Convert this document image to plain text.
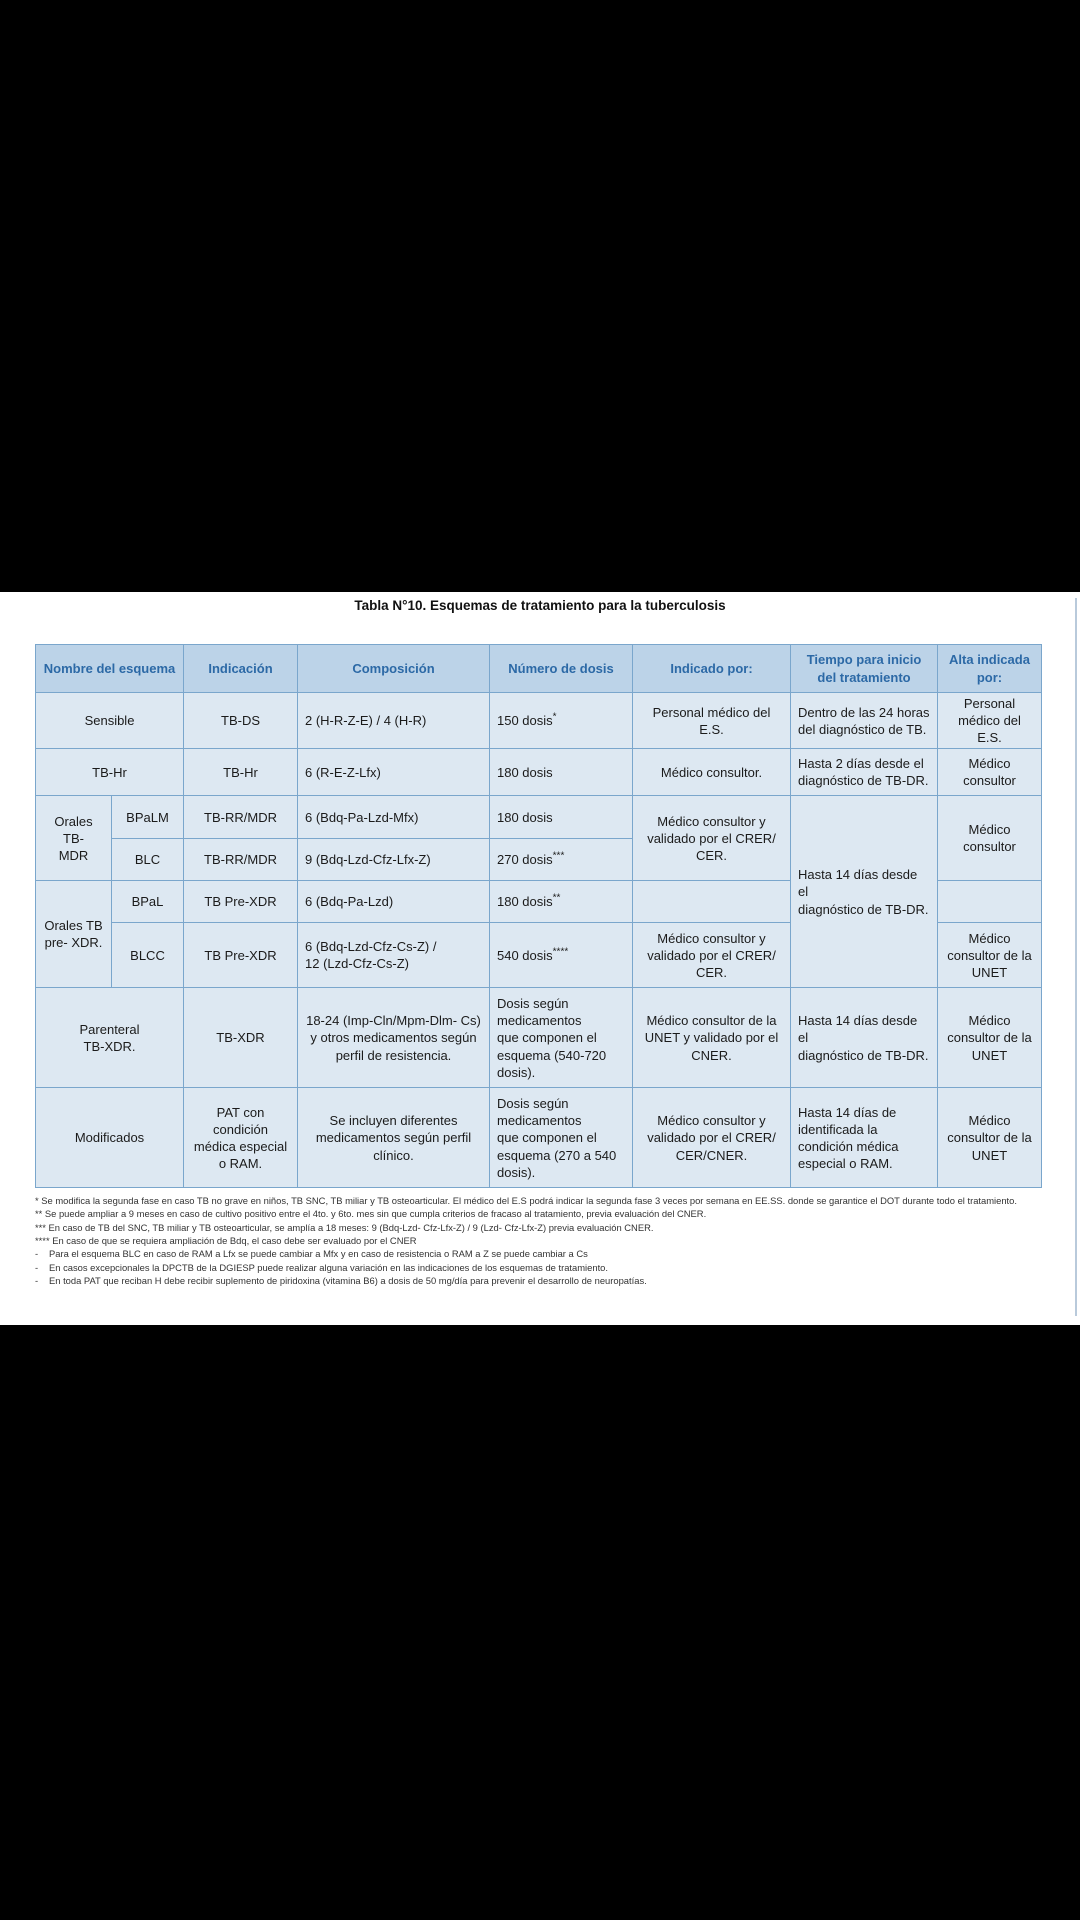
Tabla N°10. Esquemas de tratamiento para la tuberculosis
Nombre del esquema		Indicación	Composición	Número de dosis	Indicado por:	Tiempo para inicio
del tratamiento	Alta indicada
por:
Sensible		TB-DS	2 (H-R-Z-E) / 4 (H-R)	150 dosis*	Personal médico del E.S.	Dentro de las 24 horas
del diagnóstico de TB.	Personal
médico del E.S.
TB-Hr		TB-Hr	6 (R-E-Z-Lfx)	180 dosis	Médico consultor.	Hasta 2 días desde el
diagnóstico de TB-DR.	Médico
consultor
Orales TB-
MDR	BPaLM	TB-RR/MDR	6 (Bdq-Pa-Lzd-Mfx)	180 dosis	Médico consultor y
validado por el CRER/
CER.	Hasta 14 días desde el
diagnóstico de TB-DR.	Médico
consultor
	BLC	TB-RR/MDR	9 (Bdq-Lzd-Cfz-Lfx-Z)	270 dosis***
Orales TB
pre- XDR.	BPaL	TB Pre-XDR	6 (Bdq-Pa-Lzd)	180 dosis**		
	BLCC	TB Pre-XDR	6 (Bdq-Lzd-Cfz-Cs-Z) /
12 (Lzd-Cfz-Cs-Z)	540 dosis****	Médico consultor y
validado por el CRER/
CER.		Médico
consultor de la
UNET
Parenteral
TB-XDR.		TB-XDR	18-24 (Imp-Cln/Mpm-Dlm- Cs)
y otros medicamentos según
perfil de resistencia.	Dosis según
medicamentos
que componen el
esquema (540-720
dosis).	Médico consultor de la
UNET y validado por el
CNER.	Hasta 14 días desde el
diagnóstico de TB-DR.	Médico
consultor de la
UNET
Modificados		PAT con
condición
médica especial
o RAM.	Se incluyen diferentes
medicamentos según perfil
clínico.	Dosis según
medicamentos
que componen el
esquema (270 a 540
dosis).	Médico consultor y
validado por el CRER/
CER/CNER.	Hasta 14 días de
identificada la
condición médica
especial o RAM.	Médico
consultor de la
UNET

* Se modifica la segunda fase en caso TB no grave en niños, TB SNC, TB miliar y TB osteoarticular. El médico del E.S podrá indicar la segunda fase 3 veces por semana en EE.SS. donde se garantice el DOT durante todo el tratamiento.

** Se puede ampliar a 9 meses en caso de cultivo positivo entre el 4to. y 6to. mes sin que cumpla criterios de fracaso al tratamiento, previa evaluación del CNER.

*** En caso de TB del SNC, TB miliar y TB osteoarticular, se amplía a 18 meses: 9 (Bdq-Lzd- Cfz-Lfx-Z) / 9 (Lzd- Cfz-Lfx-Z) previa evaluación CNER.

**** En caso de que se requiera ampliación de Bdq, el caso debe ser evaluado por el CNER

- Para el esquema BLC en caso de RAM a Lfx se puede cambiar a Mfx y en caso de resistencia o RAM a Z se puede cambiar a Cs

- En casos excepcionales la DPCTB de la DGIESP puede realizar alguna variación en las indicaciones de los esquemas de tratamiento.

- En toda PAT que reciban H debe recibir suplemento de piridoxina (vitamina B6) a dosis de 50 mg/día para prevenir el desarrollo de neuropatías.
